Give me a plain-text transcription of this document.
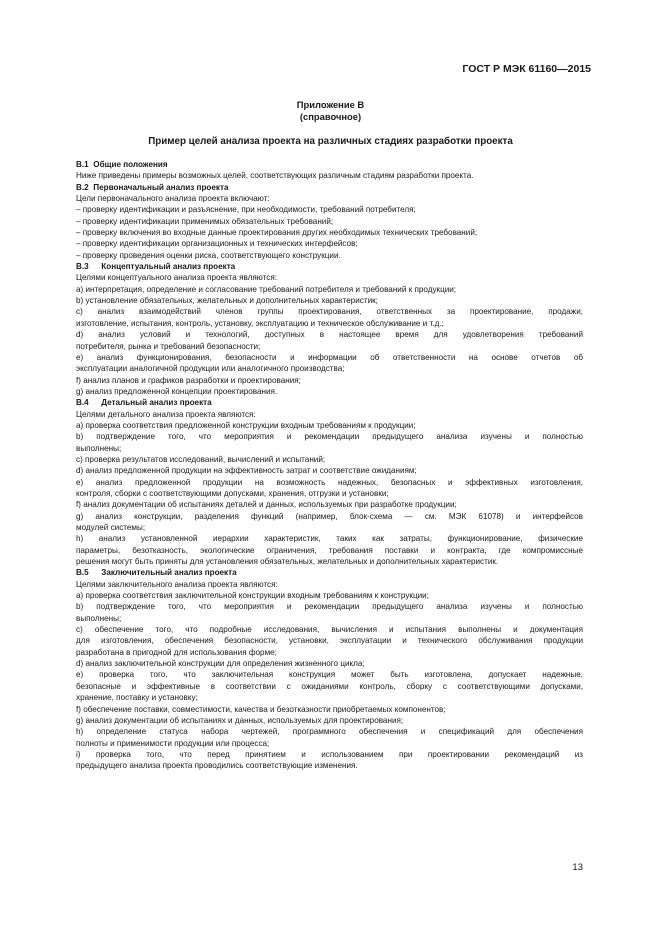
ГОСТ Р МЭК 61160—2015
Приложение В
(справочное)
Пример целей анализа проекта на различных стадиях разработки проекта
В.1 Общие положения
Ниже приведены примеры возможных целей, соответствующих различным стадиям разработки проекта.
В.2 Первоначальный анализ проекта
Цели первоначального анализа проекта включают:
– проверку идентификации и разъяснение, при необходимости, требований потребителя;
– проверку идентификации применимых обязательных требований;
– проверку включения во входные данные проектирования других необходимых технических требований;
– проверку идентификации организационных и технических интерфейсов;
– проверку проведения оценки риска, соответствующего конструкции.
В.3 Концептуальный анализ проекта
Целями концептуального анализа проекта являются:
a) интерпретация, определение и согласование требований потребителя и требований к продукции;
b) установление обязательных, желательных и дополнительных характеристик;
c) анализ взаимодействий членов группы проектирования, ответственных за проектирование, продажи,
изготовление, испытания, контроль, установку, эксплуатацию и техническое обслуживание и т.д.;
d) анализ условий и технологий, доступных в настоящее время для удовлетворения требований
потребителя, рынка и требований безопасности;
e) анализ функционирования, безопасности и информации об ответственности на основе отчетов об
эксплуатации аналогичной продукции или аналогичного производства;
f) анализ планов и графиков разработки и проектирования;
g) анализ предложенной концепции проектирования.
В.4 Детальный анализ проекта
Целями детального анализа проекта являются:
a) проверка соответствия предложенной конструкции входным требованиям к продукции;
b) подтверждение того, что мероприятия и рекомендации предыдущего анализа изучены и полностью
выполнены;
c) проверка результатов исследований, вычислений и испытаний;
d) анализ предложенной продукции на эффективность затрат и соответствие ожиданиям;
e) анализ предложенной продукции на возможность надежных, безопасных и эффективных изготовления,
контроля, сборки с соответствующими допусками, хранения, отгрузки и установки;
f) анализ документации об испытаниях деталей и данных, используемых при разработке продукции;
g) анализ конструкции, разделения функций (например, блок-схема — см. МЭК 61078) и интерфейсов
модулей системы;
h) анализ установленной иерархии характеристик, таких как затраты, функционирование, физические
параметры, безотказность, экологические ограничения, требования поставки и контракта, где компромиссные
решения могут быть приняты для установления обязательных, желательных и дополнительных характеристик.
В.5 Заключительный анализ проекта
Целями заключительного анализа проекта являются:
a) проверка соответствия заключительной конструкции входным требованиям к конструкции;
b) подтверждение того, что мероприятия и рекомендации предыдущего анализа изучены и полностью
выполнены;
c) обеспечение того, что подробные исследования, вычисления и испытания выполнены и документация
для изготовления, обеспечения безопасности, установки, эксплуатации и технического обслуживания продукции
разработана в пригодной для использования форме;
d) анализ заключительной конструкции для определения жизненного цикла;
e) проверка того, что заключительная конструкция может быть изготовлена, допускает надежные,
безопасные и эффективные в соответствии с ожиданиями контроль, сборку с соответствующими допусками,
хранение, поставку и установку;
f) обеспечение поставки, совместимости, качества и безотказности приобретаемых компонентов;
g) анализ документации об испытаниях и данных, используемых для проектирования;
h) определение статуса набора чертежей, программного обеспечения и спецификаций для обеспечения
полноты и применимости продукции или процесса;
i) проверка того, что перед принятием и использованием при проектировании рекомендаций из
предыдущего анализа проекта проводились соответствующие изменения.
13
